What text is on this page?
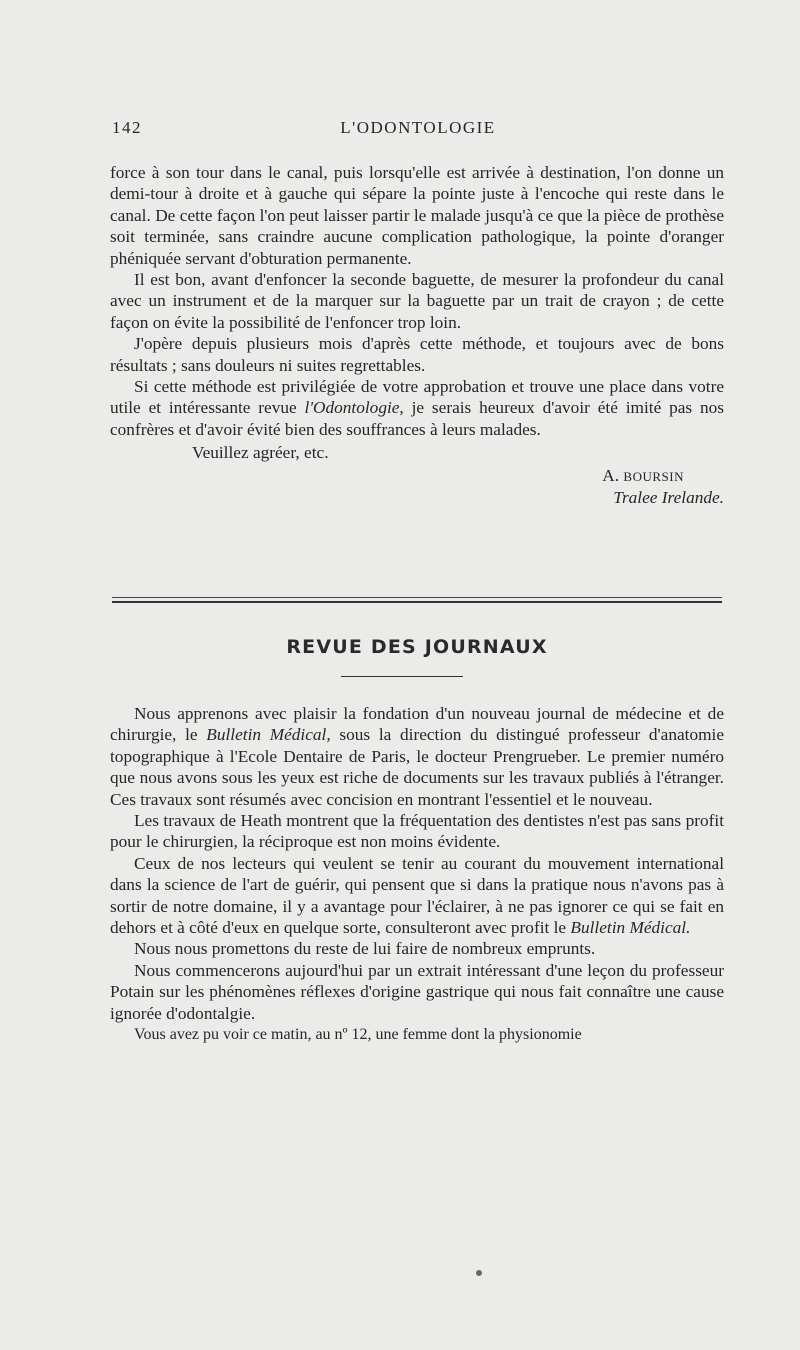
142	L'ODONTOLOGIE

force à son tour dans le canal, puis lorsqu'elle est arrivée à destination, l'on donne un demi-tour à droite et à gauche qui sépare la pointe juste à l'encoche qui reste dans le canal. De cette façon l'on peut laisser partir le malade jusqu'à ce que la pièce de prothèse soit terminée, sans craindre aucune complication pathologique, la pointe d'oranger phéniquée servant d'obturation permanente.

Il est bon, avant d'enfoncer la seconde baguette, de mesurer la profondeur du canal avec un instrument et de la marquer sur la baguette par un trait de crayon ; de cette façon on évite la possibilité de l'enfoncer trop loin.

J'opère depuis plusieurs mois d'après cette méthode, et toujours avec de bons résultats ; sans douleurs ni suites regrettables.

Si cette méthode est privilégiée de votre approbation et trouve une place dans votre utile et intéressante revue l'Odontologie, je serais heureux d'avoir été imité pas nos confrères et d'avoir évité bien des souffrances à leurs malades.

Veuillez agréer, etc.

A. BOURSIN
Tralee Irelande.
REVUE DES JOURNAUX

Nous apprenons avec plaisir la fondation d'un nouveau journal de médecine et de chirurgie, le Bulletin Médical, sous la direction du distingué professeur d'anatomie topographique à l'Ecole Dentaire de Paris, le docteur Prengrueber. Le premier numéro que nous avons sous les yeux est riche de documents sur les travaux publiés à l'étranger. Ces travaux sont résumés avec concision en montrant l'essentiel et le nouveau.

Les travaux de Heath montrent que la fréquentation des dentistes n'est pas sans profit pour le chirurgien, la réciproque est non moins évidente.

Ceux de nos lecteurs qui veulent se tenir au courant du mouvement international dans la science de l'art de guérir, qui pensent que si dans la pratique nous n'avons pas à sortir de notre domaine, il y a avantage pour l'éclairer, à ne pas ignorer ce qui se fait en dehors et à côté d'eux en quelque sorte, consulteront avec profit le Bulletin Médical.

Nous nous promettons du reste de lui faire de nombreux emprunts.

Nous commencerons aujourd'hui par un extrait intéressant d'une leçon du professeur Potain sur les phénomènes réflexes d'origine gastrique qui nous fait connaître une cause ignorée d'odontalgie.

Vous avez pu voir ce matin, au nº 12, une femme dont la physionomie
